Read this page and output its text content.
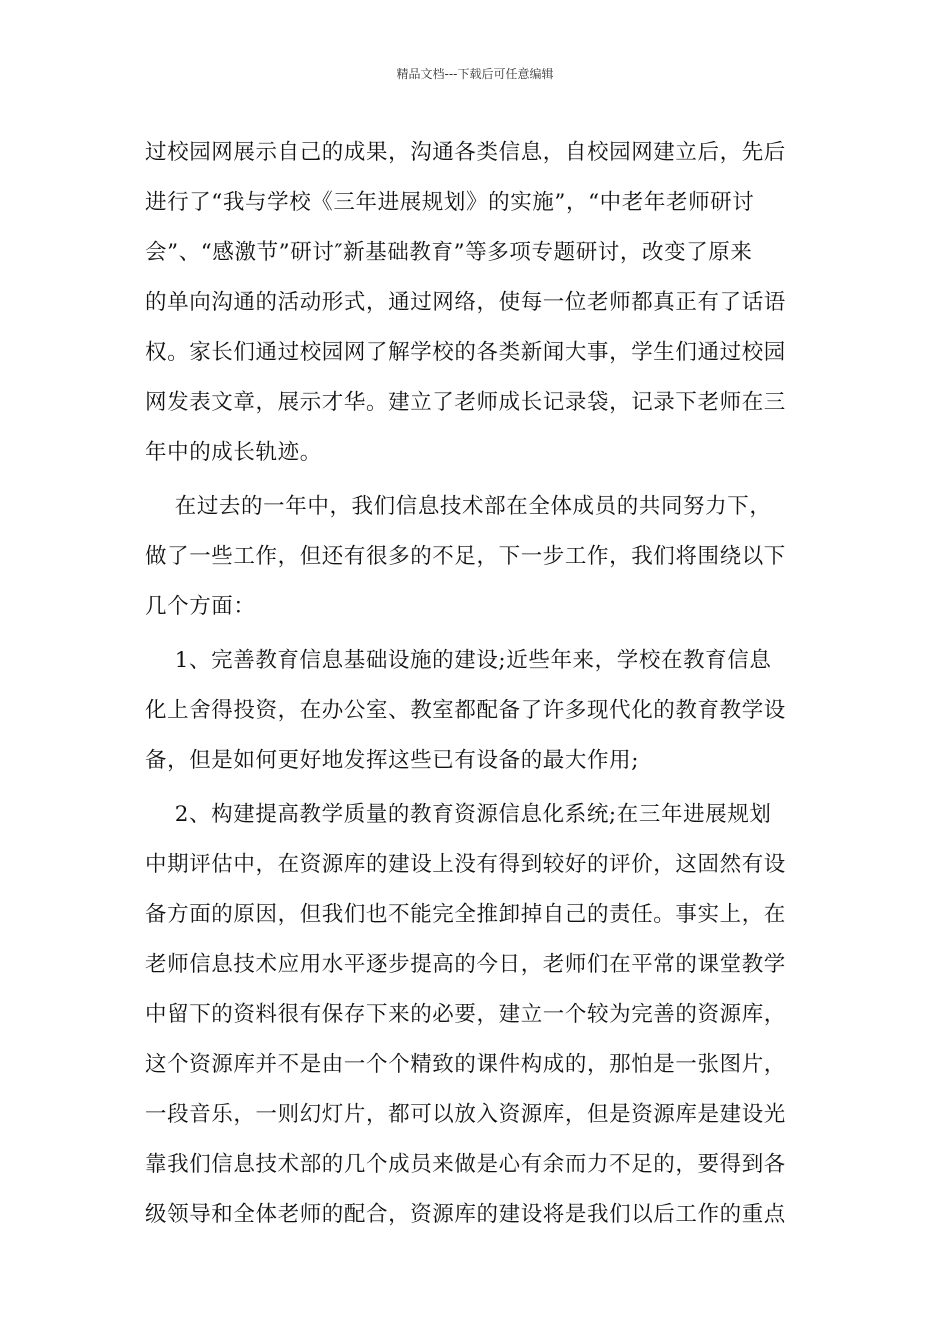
精品文档---下载后可任意编辑
过校园网展示自己的成果，沟通各类信息，自校园网建立后，先后
进行了“我与学校《三年进展规划》的实施”，“中老年老师研讨
会”、“感激节”研讨″新基础教育”等多项专题研讨，改变了原来
的单向沟通的活动形式，通过网络，使每一位老师都真正有了话语
权。家长们通过校园网了解学校的各类新闻大事，学生们通过校园
网发表文章，展示才华。建立了老师成长记录袋，记录下老师在三
年中的成长轨迹。
在过去的一年中，我们信息技术部在全体成员的共同努力下，
做了一些工作，但还有很多的不足，下一步工作，我们将围绕以下
几个方面：
1、完善教育信息基础设施的建设;近些年来，学校在教育信息
化上舍得投资，在办公室、教室都配备了许多现代化的教育教学设
备，但是如何更好地发挥这些已有设备的最大作用;
2、构建提高教学质量的教育资源信息化系统;在三年进展规划
中期评估中，在资源库的建设上没有得到较好的评价，这固然有设
备方面的原因，但我们也不能完全推卸掉自己的责任。事实上，在
老师信息技术应用水平逐步提高的今日，老师们在平常的课堂教学
中留下的资料很有保存下来的必要，建立一个较为完善的资源库，
这个资源库并不是由一个个精致的课件构成的，那怕是一张图片，
一段音乐，一则幻灯片，都可以放入资源库，但是资源库是建设光
靠我们信息技术部的几个成员来做是心有余而力不足的，要得到各
级领导和全体老师的配合，资源库的建设将是我们以后工作的重点
